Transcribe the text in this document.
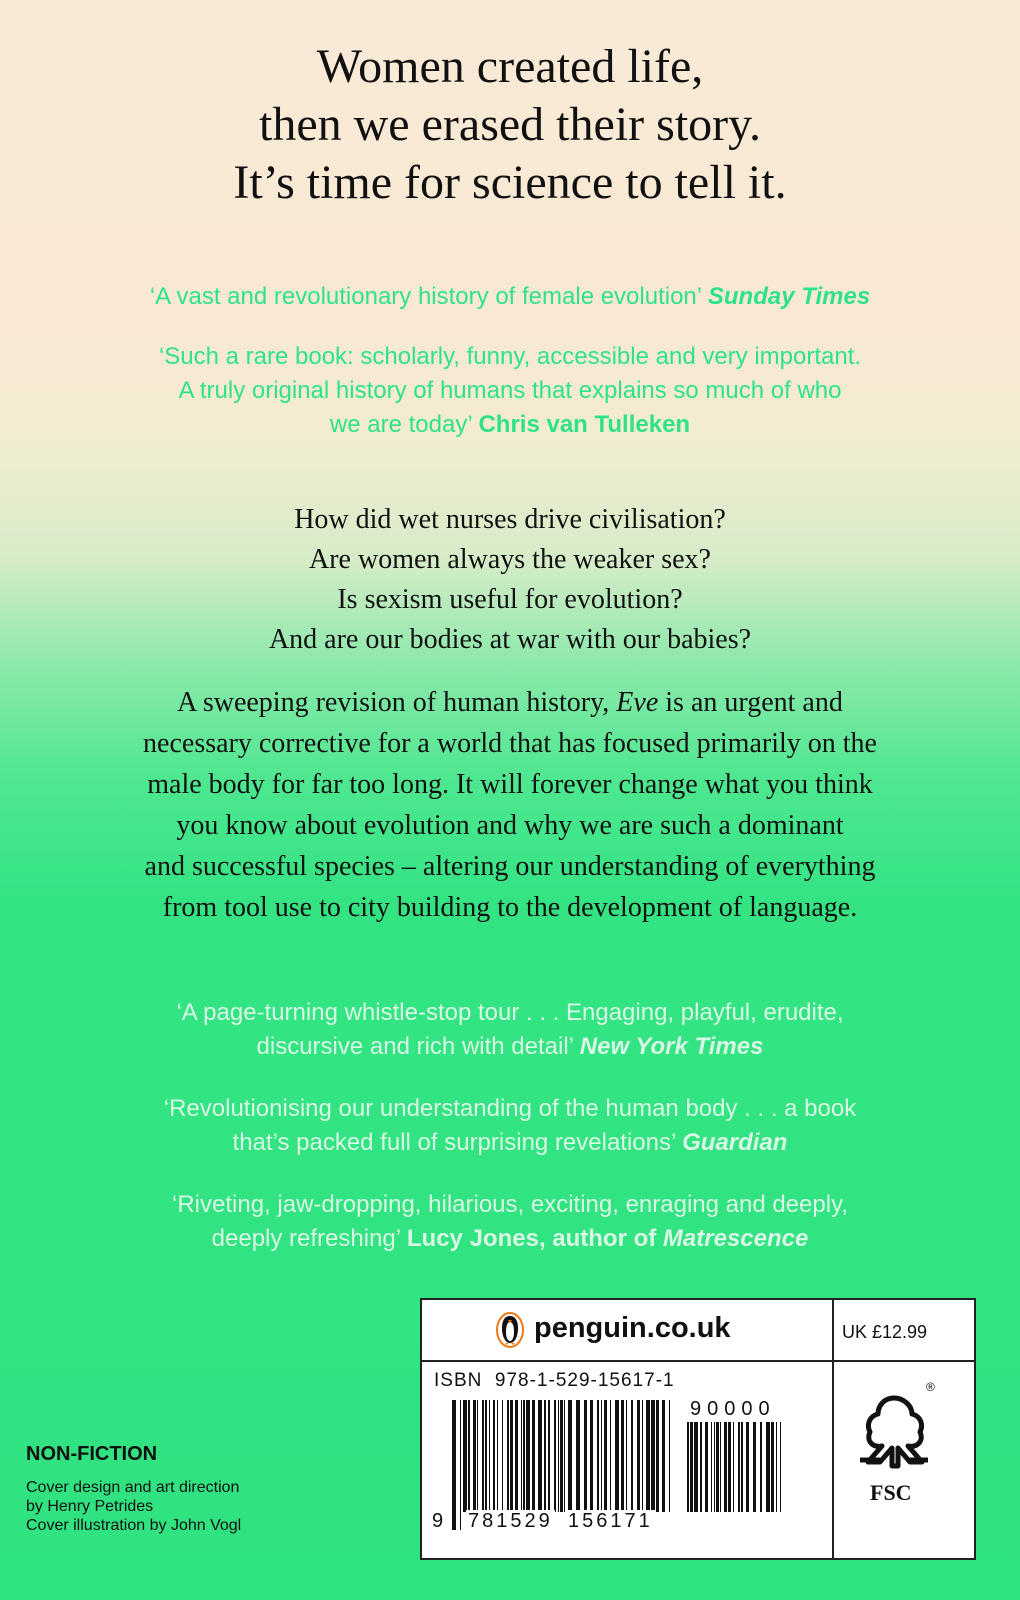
Women created life,
then we erased their story.
It’s time for science to tell it.
‘A vast and revolutionary history of female evolution’ Sunday Times
‘Such a rare book: scholarly, funny, accessible and very important.
A truly original history of humans that explains so much of who
we are today’ Chris van Tulleken
How did wet nurses drive civilisation?
Are women always the weaker sex?
Is sexism useful for evolution?
And are our bodies at war with our babies?
A sweeping revision of human history, Eve is an urgent and
necessary corrective for a world that has focused primarily on the
male body for far too long. It will forever change what you think
you know about evolution and why we are such a dominant
and successful species – altering our understanding of everything
from tool use to city building to the development of language.
‘A page-turning whistle-stop tour . . . Engaging, playful, erudite,
discursive and rich with detail’ New York Times
‘Revolutionising our understanding of the human body . . . a book
that’s packed full of surprising revelations’ Guardian
‘Riveting, jaw-dropping, hilarious, exciting, enraging and deeply,
deeply refreshing’ Lucy Jones, author of Matrescence
NON-FICTION
Cover design and art direction
by Henry Petrides
Cover illustration by John Vogl
penguin.co.uk	UK £12.99
ISBN  978-1-529-15617-1
90000
9 781529 156171
®
FSC
